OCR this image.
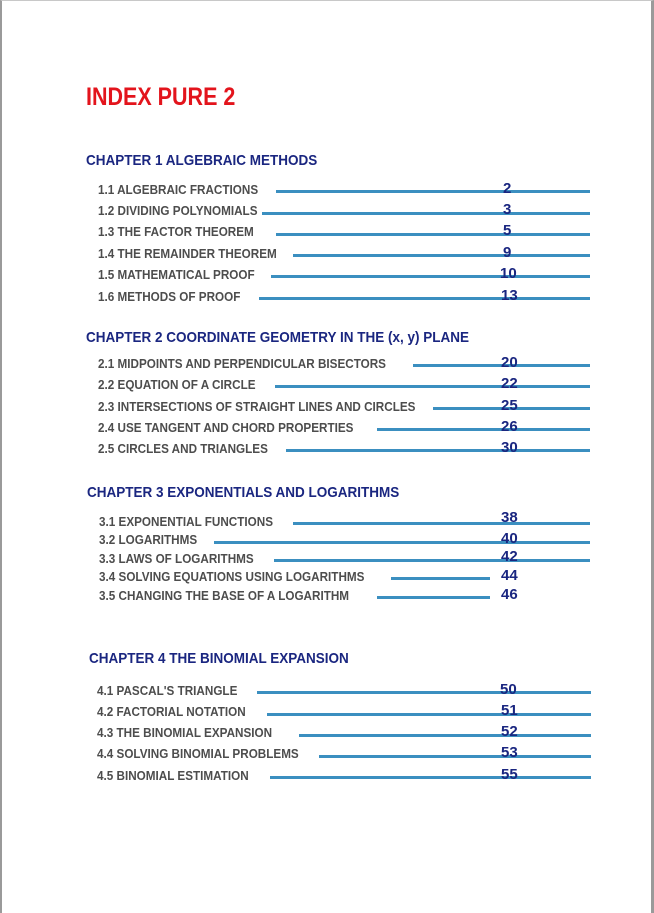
INDEX PURE 2
CHAPTER 1 ALGEBRAIC METHODS
1.1 ALGEBRAIC FRACTIONS	2
1.2 DIVIDING POLYNOMIALS	3
1.3 THE FACTOR THEOREM	5
1.4 THE REMAINDER THEOREM	9
1.5 MATHEMATICAL PROOF	10
1.6 METHODS OF PROOF	13
CHAPTER 2 COORDINATE GEOMETRY IN THE (x, y) PLANE
2.1 MIDPOINTS AND PERPENDICULAR BISECTORS	20
2.2 EQUATION OF A CIRCLE	22
2.3 INTERSECTIONS OF STRAIGHT LINES AND CIRCLES	25
2.4 USE TANGENT AND CHORD PROPERTIES	26
2.5 CIRCLES AND TRIANGLES	30
CHAPTER 3 EXPONENTIALS AND LOGARITHMS
3.1 EXPONENTIAL FUNCTIONS	38
3.2 LOGARITHMS	40
3.3 LAWS OF LOGARITHMS	42
3.4 SOLVING EQUATIONS USING LOGARITHMS	44
3.5 CHANGING THE BASE OF A LOGARITHM	46
CHAPTER 4 THE BINOMIAL EXPANSION
4.1 PASCAL'S TRIANGLE	50
4.2 FACTORIAL NOTATION	51
4.3 THE BINOMIAL EXPANSION	52
4.4 SOLVING BINOMIAL PROBLEMS	53
4.5 BINOMIAL ESTIMATION	55
